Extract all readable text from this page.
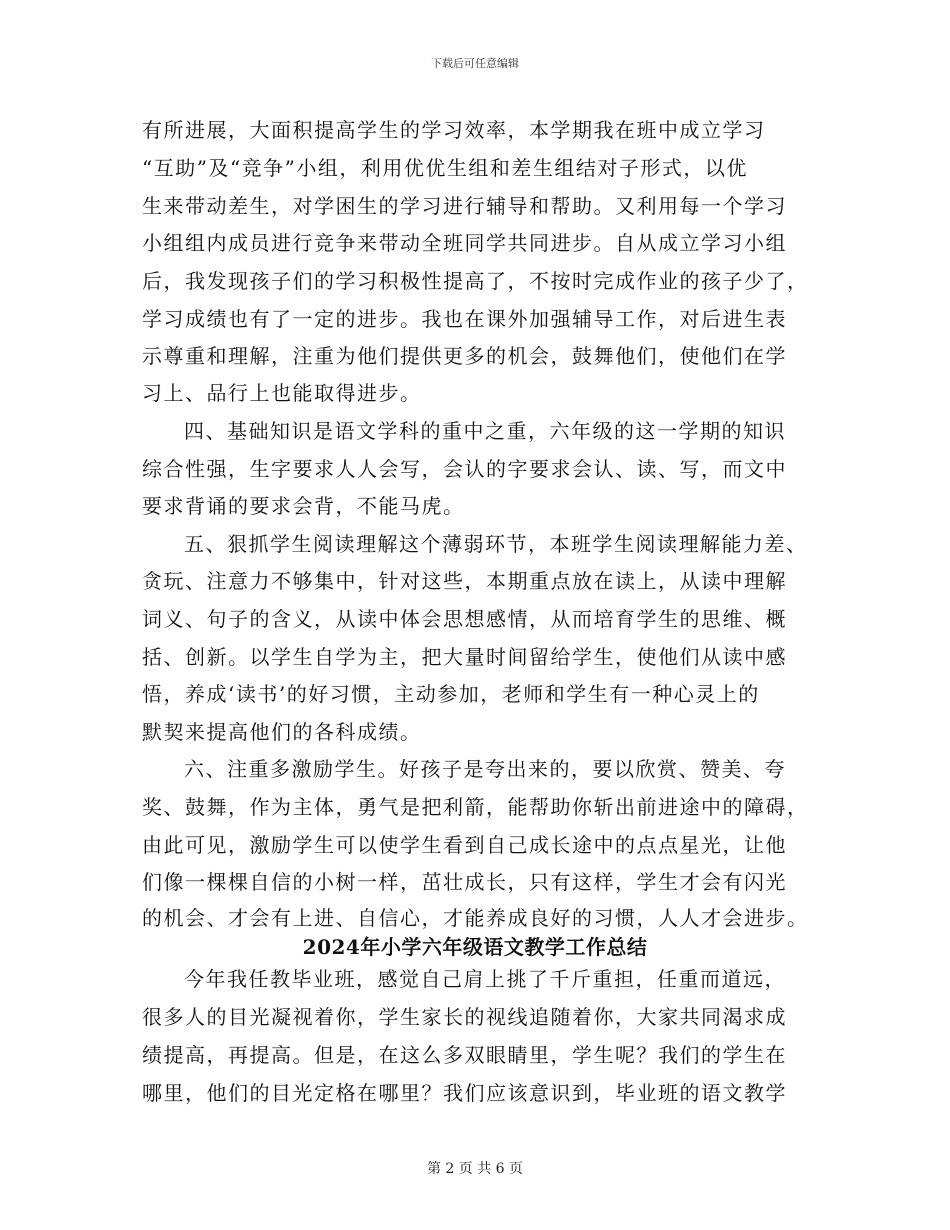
下载后可任意编辑
有所进展，大面积提高学生的学习效率，本学期我在班中成立学习
“互助”及“竞争”小组，利用优优生组和差生组结对子形式，以优
生来带动差生，对学困生的学习进行辅导和帮助。又利用每一个学习
小组组内成员进行竞争来带动全班同学共同进步。自从成立学习小组
后，我发现孩子们的学习积极性提高了，不按时完成作业的孩子少了，
学习成绩也有了一定的进步。我也在课外加强辅导工作，对后进生表
示尊重和理解，注重为他们提供更多的机会，鼓舞他们，使他们在学
习上、品行上也能取得进步。
四、基础知识是语文学科的重中之重，六年级的这一学期的知识
综合性强，生字要求人人会写，会认的字要求会认、读、写，而文中
要求背诵的要求会背，不能马虎。
五、狠抓学生阅读理解这个薄弱环节，本班学生阅读理解能力差、
贪玩、注意力不够集中，针对这些，本期重点放在读上，从读中理解
词义、句子的含义，从读中体会思想感情，从而培育学生的思维、概
括、创新。以学生自学为主，把大量时间留给学生，使他们从读中感
悟，养成‘读书’的好习惯，主动参加，老师和学生有一种心灵上的
默契来提高他们的各科成绩。
六、注重多激励学生。好孩子是夸出来的，要以欣赏、赞美、夸
奖、鼓舞，作为主体，勇气是把利箭，能帮助你斩出前进途中的障碍，
由此可见，激励学生可以使学生看到自己成长途中的点点星光，让他
们像一棵棵自信的小树一样，茁壮成长，只有这样，学生才会有闪光
的机会、才会有上进、自信心，才能养成良好的习惯，人人才会进步。
2024年小学六年级语文教学工作总结
今年我任教毕业班，感觉自己肩上挑了千斤重担，任重而道远，
很多人的目光凝视着你，学生家长的视线追随着你，大家共同渴求成
绩提高，再提高。但是，在这么多双眼睛里，学生呢？我们的学生在
哪里，他们的目光定格在哪里？我们应该意识到，毕业班的语文教学
第 2 页 共 6 页
